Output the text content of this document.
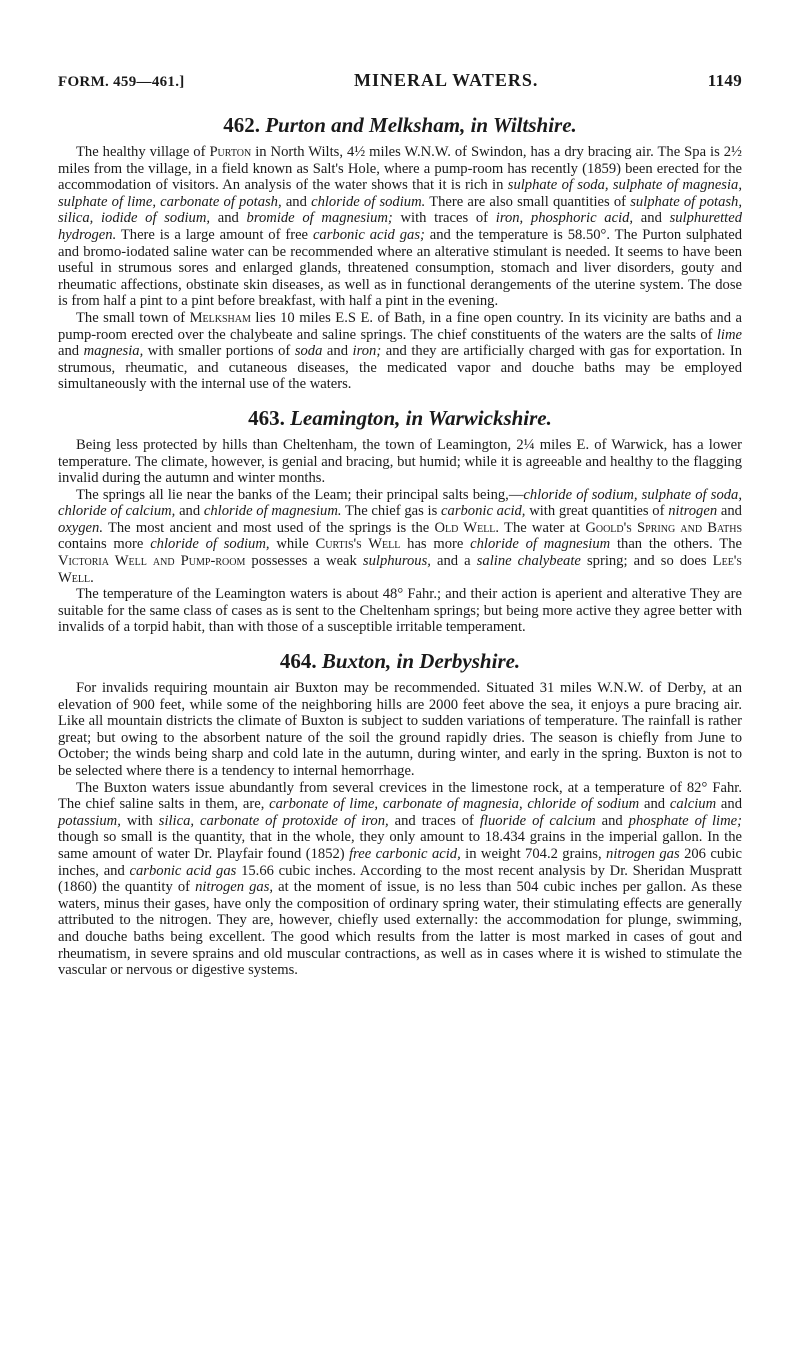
FORM. 459—461.]	MINERAL WATERS.	1149
462. Purton and Melksham, in Wiltshire.

The healthy village of Purton in North Wilts, 4½ miles W.N.W. of Swindon, has a dry bracing air. The Spa is 2½ miles from the village, in a field known as Salt's Hole, where a pump-room has recently (1859) been erected for the accommodation of visitors. An analysis of the water shows that it is rich in sulphate of soda, sulphate of magnesia, sulphate of lime, carbonate of potash, and chloride of sodium. There are also small quantities of sulphate of potash, silica, iodide of sodium, and bromide of magnesium; with traces of iron, phosphoric acid, and sulphuretted hydrogen. There is a large amount of free carbonic acid gas; and the temperature is 58.50°. The Purton sulphated and bromo-iodated saline water can be recommended where an alterative stimulant is needed. It seems to have been useful in strumous sores and enlarged glands, threatened consumption, stomach and liver disorders, gouty and rheumatic affections, obstinate skin diseases, as well as in functional derangements of the uterine system. The dose is from half a pint to a pint before breakfast, with half a pint in the evening.

The small town of Melksham lies 10 miles E.S E. of Bath, in a fine open country. In its vicinity are baths and a pump-room erected over the chalybeate and saline springs. The chief constituents of the waters are the salts of lime and magnesia, with smaller portions of soda and iron; and they are artificially charged with gas for exportation. In strumous, rheumatic, and cutaneous diseases, the medicated vapor and douche baths may be employed simultaneously with the internal use of the waters.

463. Leamington, in Warwickshire.

Being less protected by hills than Cheltenham, the town of Leamington, 2¼ miles E. of Warwick, has a lower temperature. The climate, however, is genial and bracing, but humid; while it is agreeable and healthy to the flagging invalid during the autumn and winter months.

The springs all lie near the banks of the Leam; their principal salts being,—chloride of sodium, sulphate of soda, chloride of calcium, and chloride of magnesium. The chief gas is carbonic acid, with great quantities of nitrogen and oxygen. The most ancient and most used of the springs is the Old Well. The water at Goold's Spring and Baths contains more chloride of sodium, while Curtis's Well has more chloride of magnesium than the others. The Victoria Well and Pump-room possesses a weak sulphurous, and a saline chalybeate spring; and so does Lee's Well.

The temperature of the Leamington waters is about 48° Fahr.; and their action is aperient and alterative They are suitable for the same class of cases as is sent to the Cheltenham springs; but being more active they agree better with invalids of a torpid habit, than with those of a susceptible irritable temperament.

464. Buxton, in Derbyshire.

For invalids requiring mountain air Buxton may be recommended. Situated 31 miles W.N.W. of Derby, at an elevation of 900 feet, while some of the neighboring hills are 2000 feet above the sea, it enjoys a pure bracing air. Like all mountain districts the climate of Buxton is subject to sudden variations of temperature. The rainfall is rather great; but owing to the absorbent nature of the soil the ground rapidly dries. The season is chiefly from June to October; the winds being sharp and cold late in the autumn, during winter, and early in the spring. Buxton is not to be selected where there is a tendency to internal hemorrhage.

The Buxton waters issue abundantly from several crevices in the limestone rock, at a temperature of 82° Fahr. The chief saline salts in them, are, carbonate of lime, carbonate of magnesia, chloride of sodium and calcium and potassium, with silica, carbonate of protoxide of iron, and traces of fluoride of calcium and phosphate of lime; though so small is the quantity, that in the whole, they only amount to 18.434 grains in the imperial gallon. In the same amount of water Dr. Playfair found (1852) free carbonic acid, in weight 704.2 grains, nitrogen gas 206 cubic inches, and carbonic acid gas 15.66 cubic inches. According to the most recent analysis by Dr. Sheridan Muspratt (1860) the quantity of nitrogen gas, at the moment of issue, is no less than 504 cubic inches per gallon. As these waters, minus their gases, have only the composition of ordinary spring water, their stimulating effects are generally attributed to the nitrogen. They are, however, chiefly used externally: the accommodation for plunge, swimming, and douche baths being excellent. The good which results from the latter is most marked in cases of gout and rheumatism, in severe sprains and old muscular contractions, as well as in cases where it is wished to stimulate the vascular or nervous or digestive systems.
